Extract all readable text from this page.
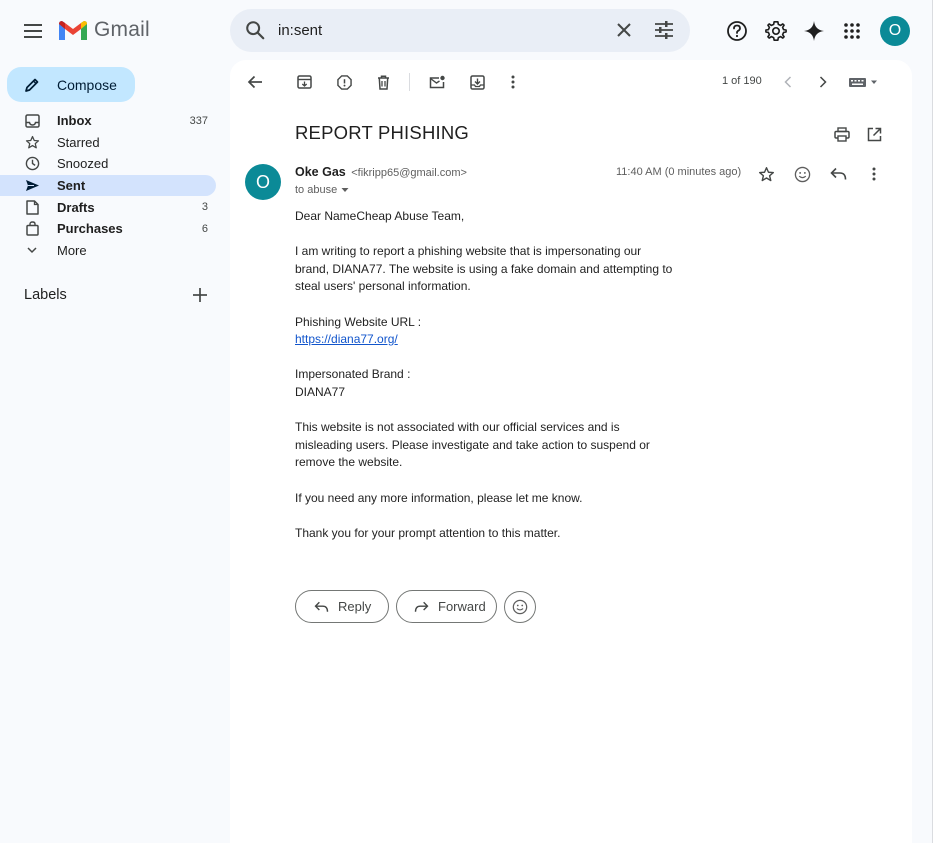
Gmail
in:sent	O
Compose
Inbox	337
Starred
Snoozed
Sent
Drafts	3
Purchases	6
More
Labels
1 of 190
REPORT PHISHING
O	Oke Gas <fikripp65@gmail.com>
to abuse
11:40 AM (0 minutes ago)

Dear NameCheap Abuse Team,

I am writing to report a phishing website that is impersonating our

brand, DIANA77. The website is using a fake domain and attempting to

steal users' personal information.

Phishing Website URL :

https://diana77.org/

Impersonated Brand :

DIANA77

This website is not associated with our official services and is

misleading users. Please investigate and take action to suspend or

remove the website.

If you need any more information, please let me know.

Thank you for your prompt attention to this matter.

Reply	Forward
